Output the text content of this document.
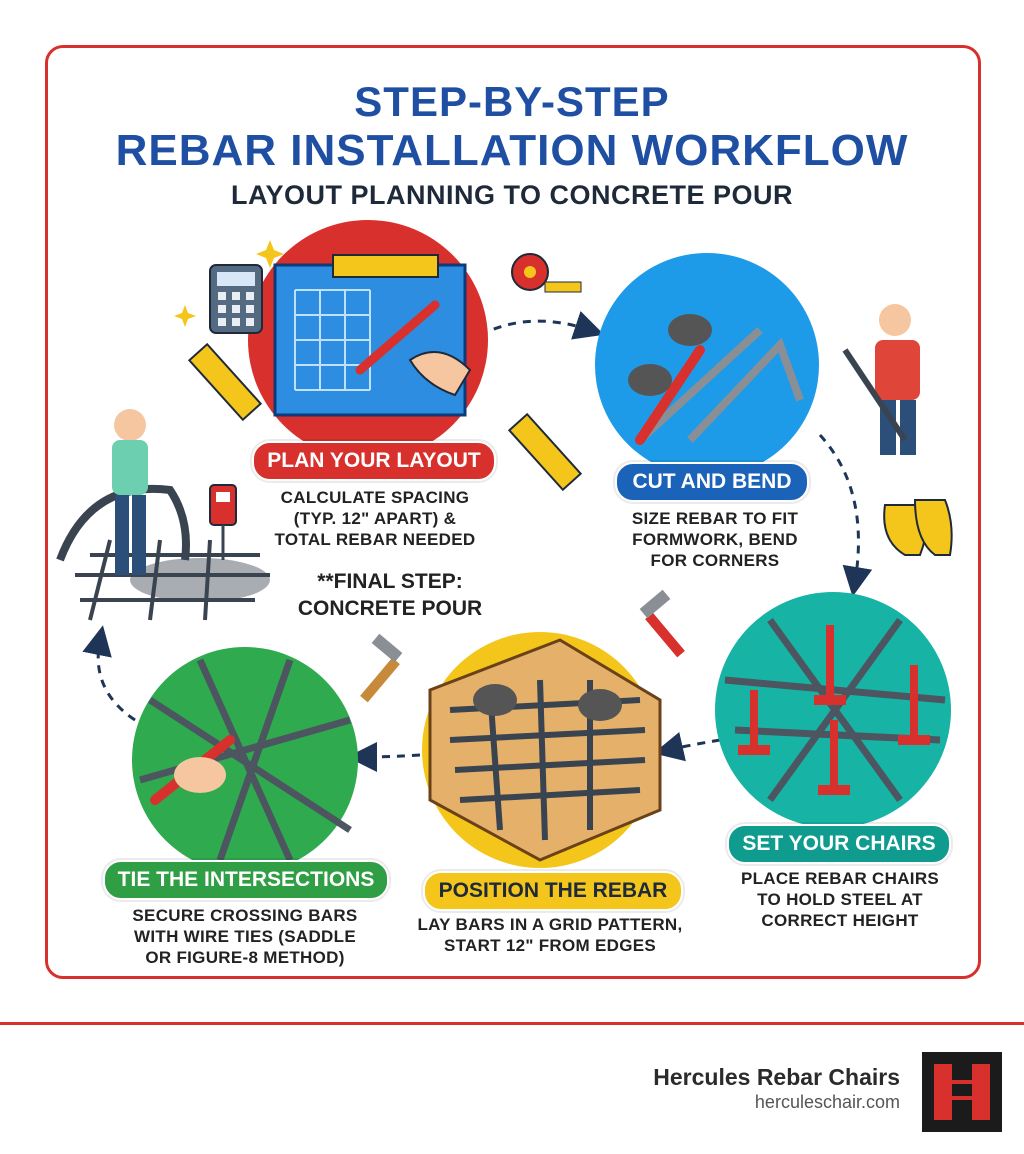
STEP-BY-STEP
REBAR INSTALLATION WORKFLOW
LAYOUT PLANNING TO CONCRETE POUR
PLAN YOUR LAYOUT
CUT AND BEND
SET YOUR CHAIRS
POSITION THE REBAR
TIE THE INTERSECTIONS
CALCULATE SPACING
(TYP. 12" APART) &
TOTAL REBAR NEEDED
SIZE REBAR TO FIT
FORMWORK, BEND
FOR CORNERS
PLACE REBAR CHAIRS
TO HOLD STEEL AT
CORRECT HEIGHT
LAY BARS IN A GRID PATTERN,
START 12" FROM EDGES
SECURE CROSSING BARS
WITH WIRE TIES (SADDLE
OR FIGURE-8 METHOD)
**FINAL STEP:
CONCRETE POUR
Hercules Rebar Chairs
herculeschair.com
